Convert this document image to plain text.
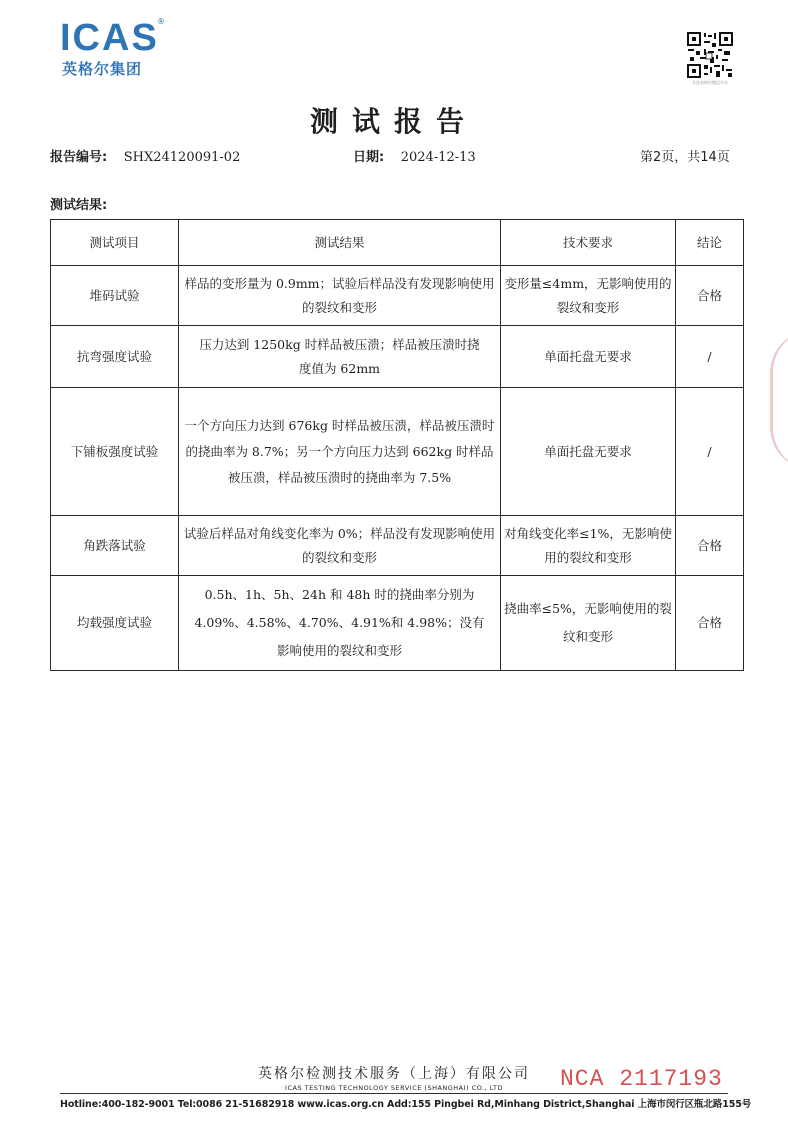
ICAS
®
英格尔集团
关注英格尔微信平台
测试报告
报告编号: SHX24120091-02	日期: 2024-12-13	第2页，共14页
测试结果:
测试项目	测试结果	技术要求	结论
堆码试验	样品的变形量为 0.9mm；试验后样品没有发现影响使用的裂纹和变形	变形量≤4mm，无影响使用的裂纹和变形	合格
抗弯强度试验	压力达到 1250kg 时样品被压溃；样品被压溃时挠度值为 62mm	单面托盘无要求	/
下铺板强度试验	一个方向压力达到 676kg 时样品被压溃，样品被压溃时的挠曲率为 8.7%；另一个方向压力达到 662kg 时样品被压溃，样品被压溃时的挠曲率为 7.5%	单面托盘无要求	/
角跌落试验	试验后样品对角线变化率为 0%；样品没有发现影响使用的裂纹和变形	对角线变化率≤1%，无影响使用的裂纹和变形	合格
均载强度试验	0.5h、1h、5h、24h 和 48h 时的挠曲率分别为 4.09%、4.58%、4.70%、4.91%和 4.98%；没有影响使用的裂纹和变形	挠曲率≤5%，无影响使用的裂纹和变形	合格
英格尔检测技术服务（上海）有限公司
ICAS TESTING TECHNOLOGY SERVICE (SHANGHAI) CO., LTD
Hotline:400-182-9001 Tel:0086 21-51682918 www.icas.org.cn Add:155 Pingbei Rd,Minhang District,Shanghai 上海市闵行区瓶北路155号
NCA 2117193
